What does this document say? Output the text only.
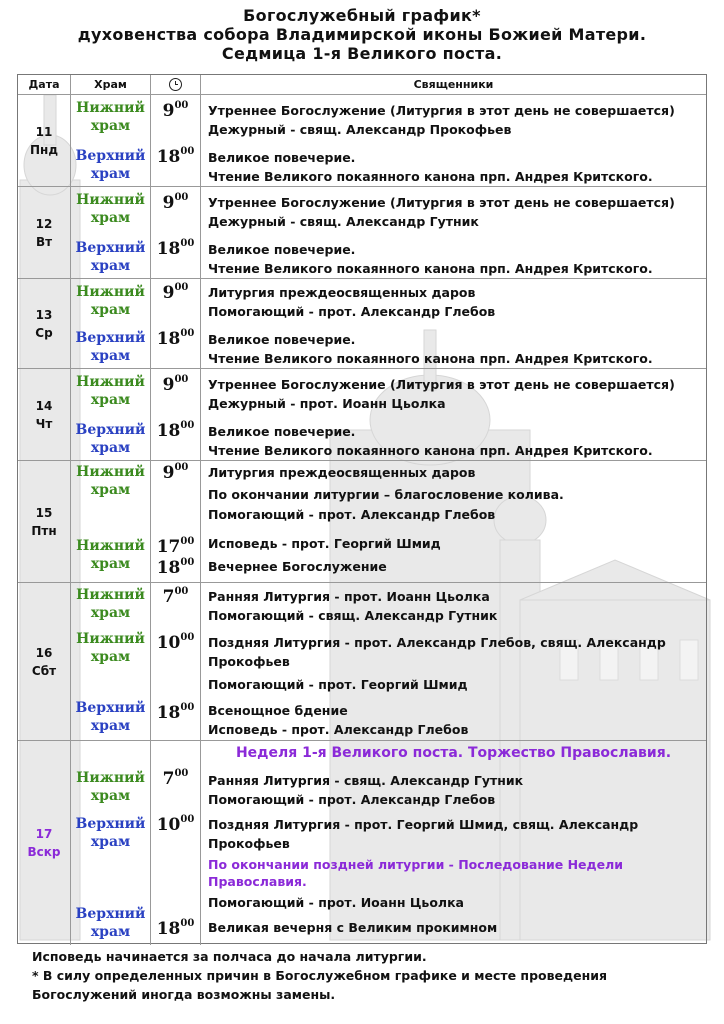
Богослужебный график*
духовенства собора Владимирской иконы Божией Матери.
Седмица 1-я Великого поста.
Дата	Храм	Священники
11
Пнд
Нижний храм
Верхний храм
$9^{00}$
$18^{00}$
Утреннее Богослужение (Литургия в этот день не совершается)
Дежурный - свящ. Александр Прокофьев
Великое повечерие.
Чтение Великого покаянного канона прп. Андрея Критского.
12
Вт
Нижний храм
Верхний храм
$9^{00}$
$18^{00}$
Утреннее Богослужение (Литургия в этот день не совершается)
Дежурный - свящ. Александр Гутник
Великое повечерие.
Чтение Великого покаянного канона прп. Андрея Критского.
13
Ср
Нижний храм
Верхний храм
$9^{00}$
$18^{00}$
Литургия преждеосвященных даров
Помогающий - прот. Александр Глебов
Великое повечерие.
Чтение Великого покаянного канона прп. Андрея Критского.
14
Чт
Нижний храм
Верхний храм
$9^{00}$
$18^{00}$
Утреннее Богослужение (Литургия в этот день не совершается)
Дежурный - прот. Иоанн Цьолка
Великое повечерие.
Чтение Великого покаянного канона прп. Андрея Критского.
15
Птн
Нижний храм
Нижний храм
$9^{00}$
$17^{00}$
$18^{00}$
Литургия преждеосвященных даров
По окончании литургии – благословение колива.
Помогающий - прот. Александр Глебов
Исповедь - прот. Георгий Шмид
Вечернее Богослужение
16
Сбт
Нижний храм
Нижний храм
Верхний храм
$7^{00}$
$10^{00}$
$18^{00}$
Ранняя Литургия - прот. Иоанн Цьолка
Помогающий - свящ. Александр Гутник
Поздняя Литургия - прот. Александр Глебов, свящ. Александр
Прокофьев
Помогающий - прот. Георгий Шмид
Всенощное бдение
Исповедь - прот. Александр Глебов
17
Вскр
Нижний храм
Верхний храм
Верхний храм
$7^{00}$
$10^{00}$
$18^{00}$
Неделя 1-я Великого поста. Торжество Православия.
Ранняя Литургия - свящ. Александр Гутник
Помогающий - прот. Александр Глебов
Поздняя Литургия - прот. Георгий Шмид, свящ. Александр
Прокофьев
По окончании поздней литургии - Последование Недели
Православия.
Помогающий - прот. Иоанн Цьолка
Великая вечерня с Великим прокимном
Исповедь начинается за полчаса до начала литургии.
* В силу определенных причин в Богослужебном графике и месте проведения
Богослужений иногда возможны замены.
